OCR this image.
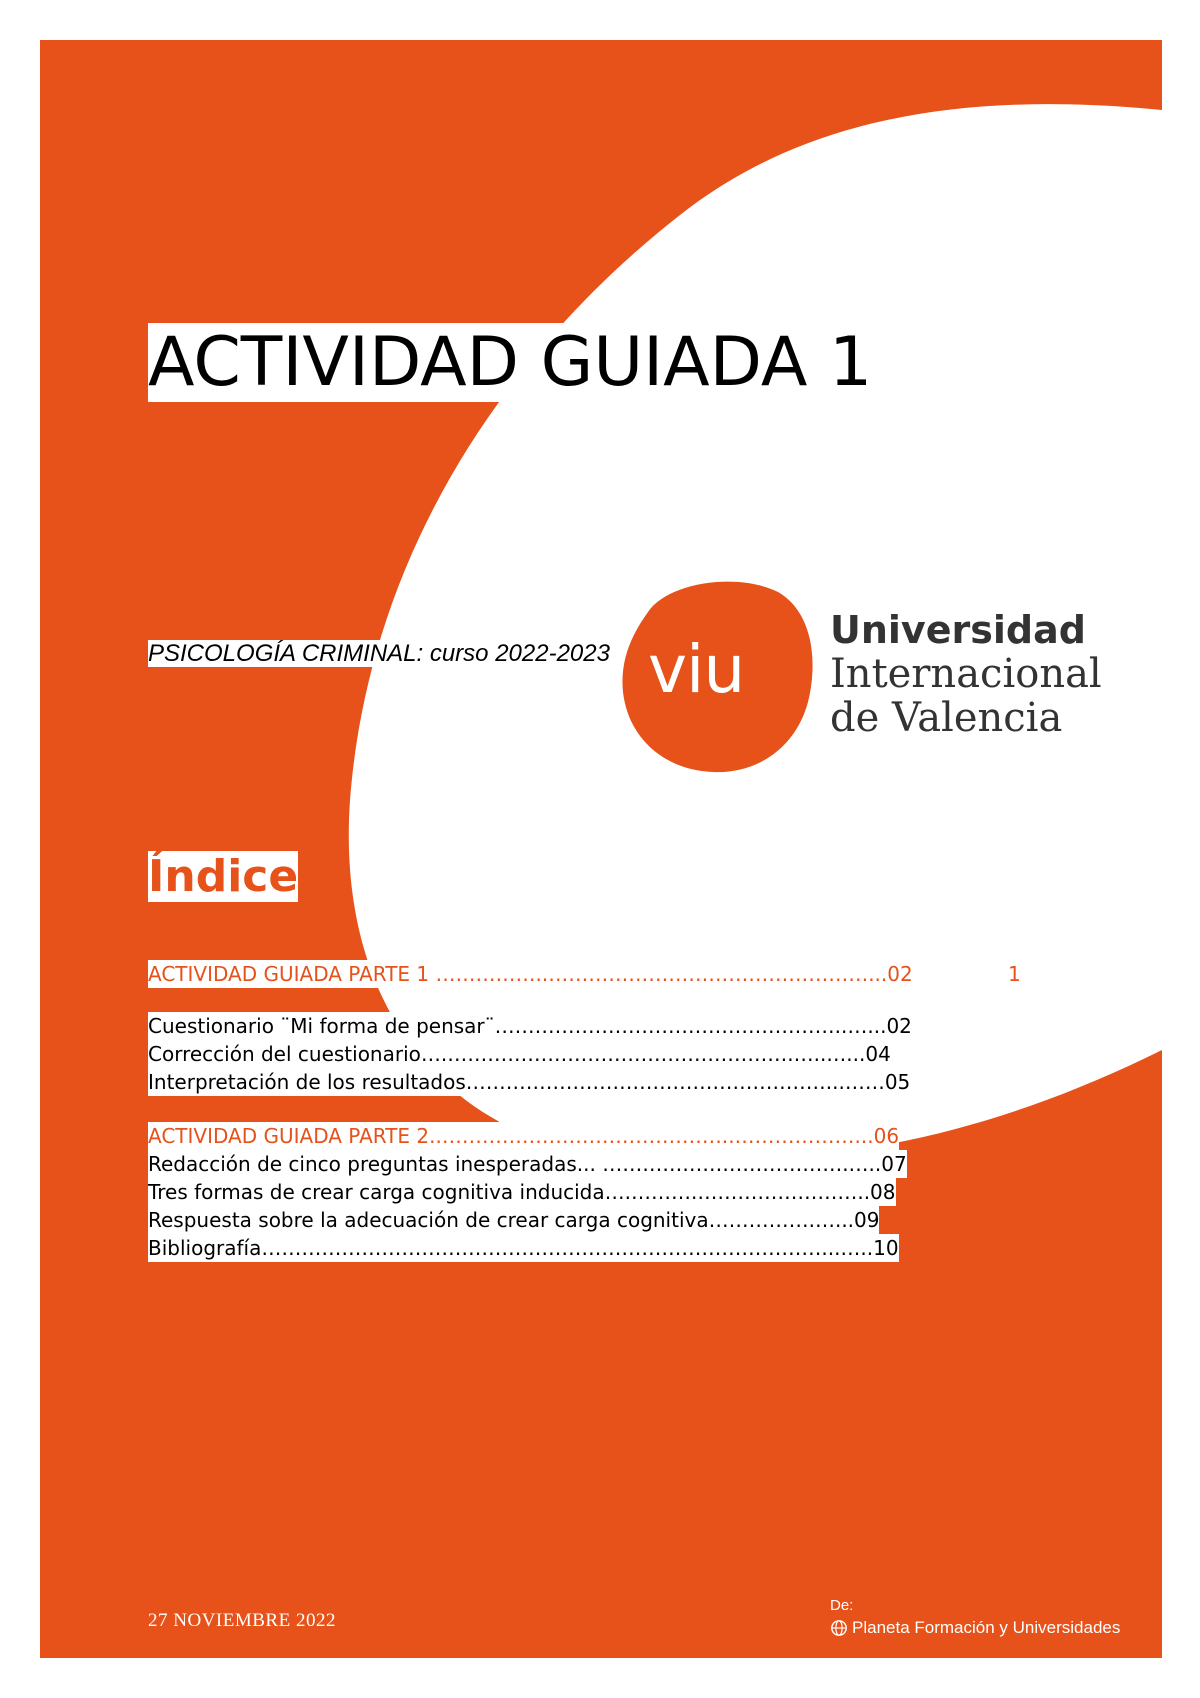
ACTIVIDAD GUIADA 1
PSICOLOGÍA CRIMINAL: curso 2022-2023 viu
Universidad
Internacional
de Valencia
Índice
ACTIVIDAD GUIADA PARTE 1 ……………..…………………………………………...02	1
Cuestionario ¨Mi forma de pensar¨……………………………………………..…...02
Corrección del cuestionario….…………………………………………….…..…...04
Interpretación de los resultados………………………………………………...……05
ACTIVIDAD GUIADA PARTE 2..……………………………………..………………...06	2
Redacción de cinco preguntas inesperadas... ……………………………….…..07
Tres formas de crear carga cognitiva inducida….……….……………………..08
Respuesta sobre la adecuación de crear carga cognitiva…………….…...09
Bibliografía…………………………………………………………………………...…..10
27 NOVIEMBRE 2022
De:
Planeta Formación y Universidades
